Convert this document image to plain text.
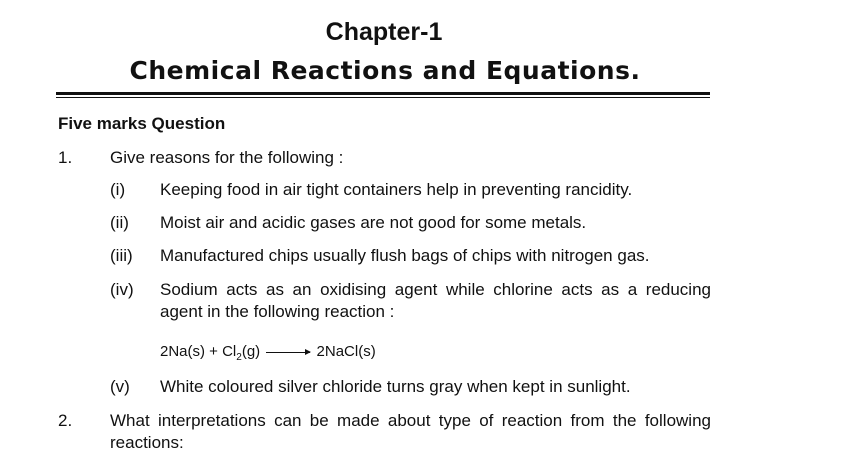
Chapter-1
Chemical Reactions and Equations.
Five marks Question
1. Give reasons for the following :
(i) Keeping food in air tight containers help in preventing rancidity.
(ii) Moist air and acidic gases are not good for some metals.
(iii) Manufactured chips usually flush bags of chips with nitrogen gas.
(iv) Sodium acts as an oxidising agent while chlorine acts as a reducing
agent in the following reaction :
$2Na(s) + Cl_2(g)$ → 2NaCl(s)
(v) White coloured silver chloride turns gray when kept in sunlight.
2. What interpretations can be made about type of reaction from the following
reactions:
